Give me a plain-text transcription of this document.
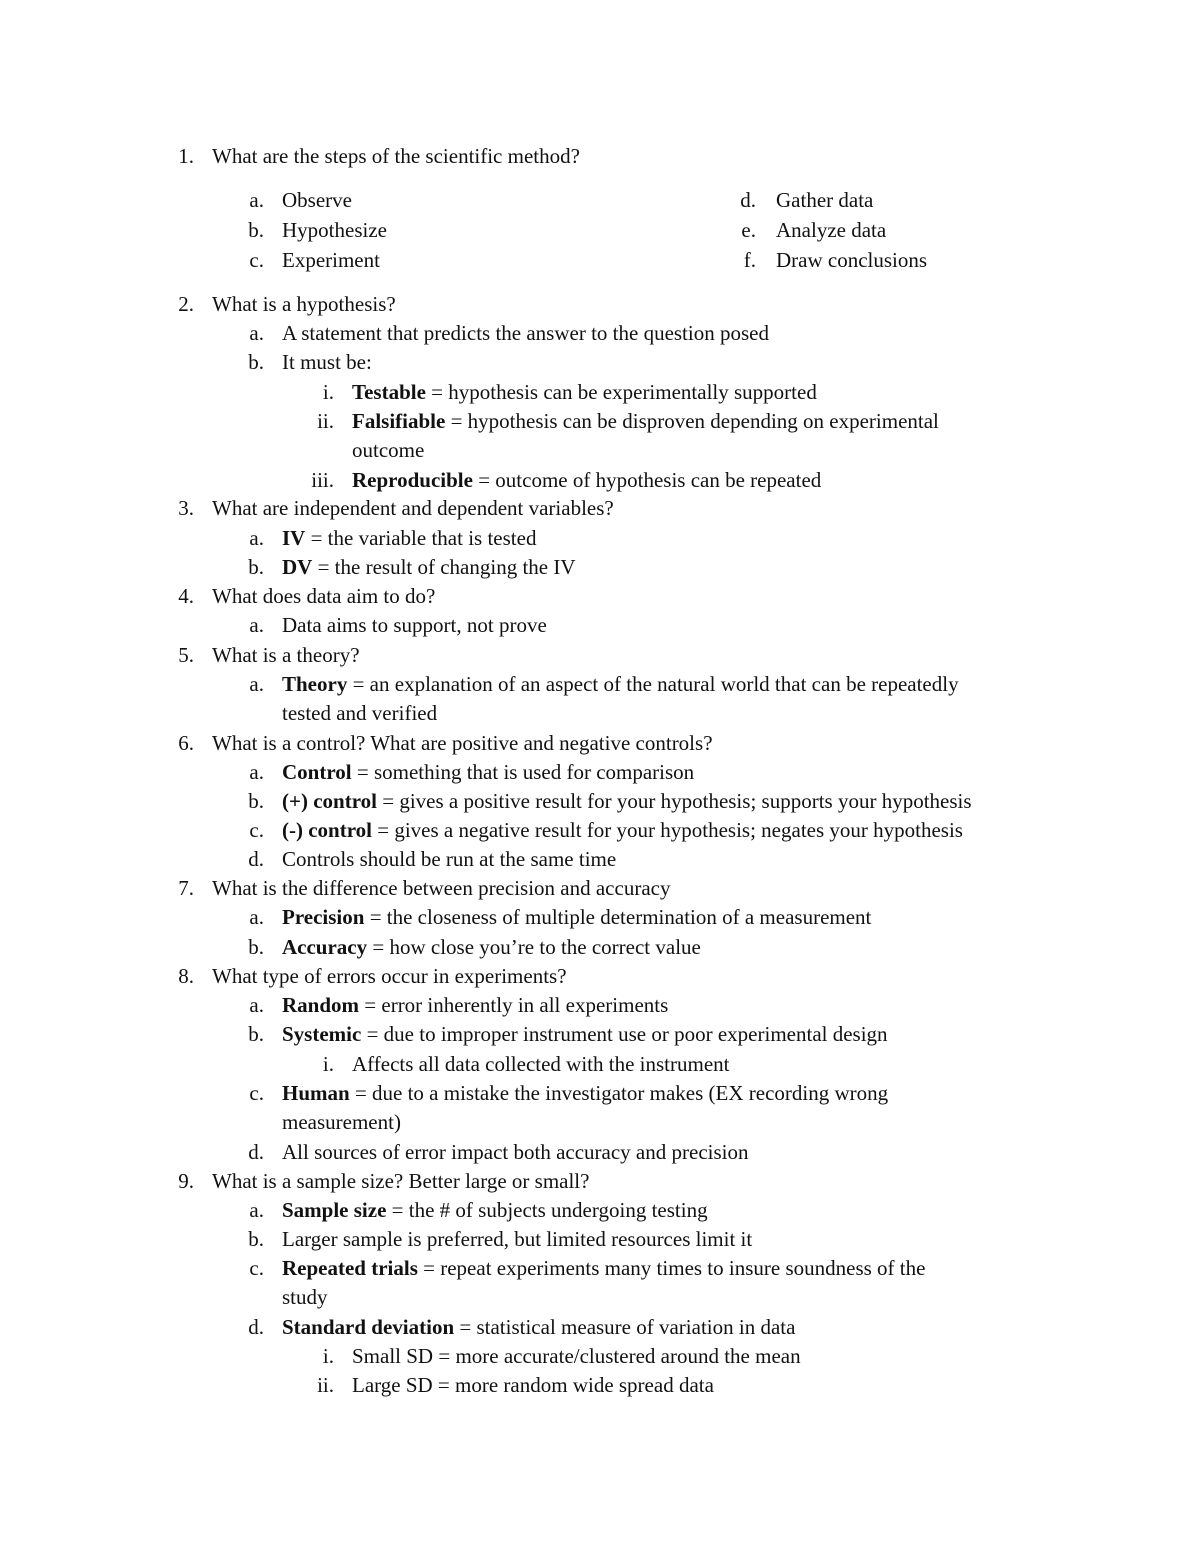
1. What are the steps of the scientific method?
a. Observe
b. Hypothesize
c. Experiment
d. Gather data
e. Analyze data
f. Draw conclusions
2. What is a hypothesis?
a. A statement that predicts the answer to the question posed
b. It must be:
i. Testable = hypothesis can be experimentally supported
ii. Falsifiable = hypothesis can be disproven depending on experimental
outcome
iii. Reproducible = outcome of hypothesis can be repeated
3. What are independent and dependent variables?
a. IV = the variable that is tested
b. DV = the result of changing the IV
4. What does data aim to do?
a. Data aims to support, not prove
5. What is a theory?
a. Theory = an explanation of an aspect of the natural world that can be repeatedly
tested and verified
6. What is a control? What are positive and negative controls?
a. Control = something that is used for comparison
b. (+) control = gives a positive result for your hypothesis; supports your hypothesis
c. (-) control = gives a negative result for your hypothesis; negates your hypothesis
d. Controls should be run at the same time
7. What is the difference between precision and accuracy
a. Precision = the closeness of multiple determination of a measurement
b. Accuracy = how close you’re to the correct value
8. What type of errors occur in experiments?
a. Random = error inherently in all experiments
b. Systemic = due to improper instrument use or poor experimental design
i. Affects all data collected with the instrument
c. Human = due to a mistake the investigator makes (EX recording wrong
measurement)
d. All sources of error impact both accuracy and precision
9. What is a sample size? Better large or small?
a. Sample size = the # of subjects undergoing testing
b. Larger sample is preferred, but limited resources limit it
c. Repeated trials = repeat experiments many times to insure soundness of the
study
d. Standard deviation = statistical measure of variation in data
i. Small SD = more accurate/clustered around the mean
ii. Large SD = more random wide spread data
